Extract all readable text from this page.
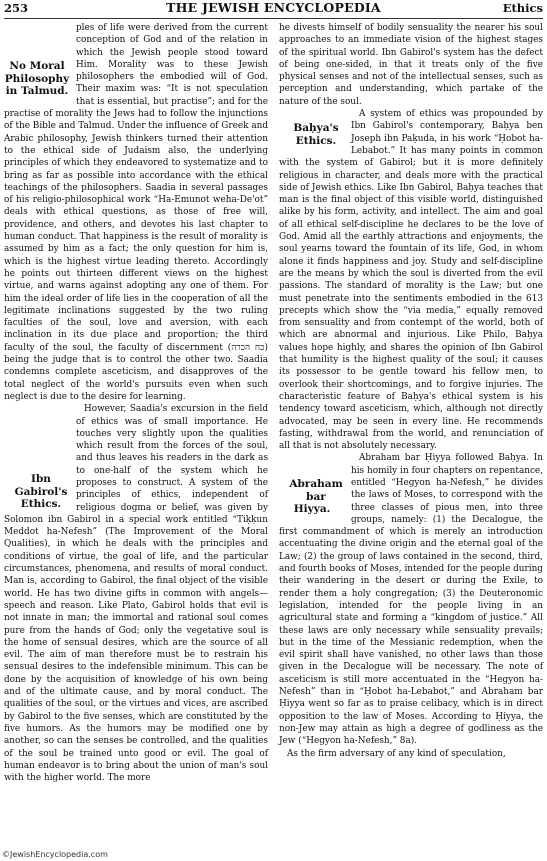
253	THE JEWISH ENCYCLOPEDIA	Ethics

No Moral
Philosophy
in Talmud.
ples of life were derived from the current conception of God and of the relation in which the Jewish people stood toward Him. Morality was to these Jewish philosophers the embodied will of God. Their maxim was: “It is not speculation that is essential, but practise”; and for the practise of morality the Jews had to follow the injunctions of the Bible and Talmud. Under the influence of Greek and Arabic philosophy, Jewish thinkers turned their attention to the ethical side of Judaism also, the underlying principles of which they endeavored to systematize and to bring as far as possible into accordance with the ethical teachings of the philosophers. Saadia in several passages of his religio-philosophical work “Ha-Emunot weha-De'ot” deals with ethical questions, as those of free will, providence, and others, and devotes his last chapter to human conduct. That happiness is the result of morality is assumed by him as a fact; the only question for him is, which is the highest virtue leading thereto. Accordingly he points out thirteen different views on the highest virtue, and warns against adopting any one of them. For him the ideal order of life lies in the cooperation of all the legitimate inclinations suggested by the two ruling faculties of the soul, love and aversion, with each inclination in its due place and proportion; the third faculty of the soul, the faculty of discernment (כח הכרה) being the judge that is to control the other two. Saadia condemns complete asceticism, and disapproves of the total neglect of the world's pursuits even when such neglect is due to the desire for learning.

Ibn
Gabirol's
Ethics.
However, Saadia's excursion in the field of ethics was of small importance. He touches very slightly upon the qualities which result from the forces of the soul, and thus leaves his readers in the dark as to one-half of the system which he proposes to construct. A system of the principles of ethics, independent of religious dogma or belief, was given by Solomon ibn Gabirol in a special work entitled “Tiḳḳun Meddot ha-Nefesh” (The Improvement of the Moral Qualities), in which he deals with the principles and conditions of virtue, the goal of life, and the particular circumstances, phenomena, and results of moral conduct. Man is, according to Gabirol, the final object of the visible world. He has two divine gifts in common with angels—speech and reason. Like Plato, Gabirol holds that evil is not innate in man; the immortal and rational soul comes pure from the hands of God; only the vegetative soul is the home of sensual desires, which are the source of all evil. The aim of man therefore must be to restrain his sensual desires to the indefensible minimum. This can be done by the acquisition of knowledge of his own being and of the ultimate cause, and by moral conduct. The qualities of the soul, or the virtues and vices, are ascribed by Gabirol to the five senses, which are constituted by the five humors. As the humors may be modified one by another, so can the senses be controlled, and the qualities of the soul be trained unto good or evil. The goal of human endeavor is to bring about the union of man's soul with the higher world. The more

he divests himself of bodily sensuality the nearer his soul approaches to an immediate vision of the highest stages of the spiritual world. Ibn Gabirol's system has the defect of being one-sided, in that it treats only of the five physical senses and not of the intellectual senses, such as perception and understanding, which partake of the nature of the soul.

Baḥya's
Ethics.
A system of ethics was propounded by Ibn Gabirol's contemporary, Baḥya ben Joseph ibn Paḳuda, in his work “Ḥobot ha-Lebabot.” It has many points in common with the system of Gabirol; but it is more definitely religious in character, and deals more with the practical side of Jewish ethics. Like Ibn Gabirol, Baḥya teaches that man is the final object of this visible world, distinguished alike by his form, activity, and intellect. The aim and goal of all ethical self-discipline he declares to be the love of God. Amid all the earthly attractions and enjoyments, the soul yearns toward the fountain of its life, God, in whom alone it finds happiness and joy. Study and self-discipline are the means by which the soul is diverted from the evil passions. The standard of morality is the Law; but one must penetrate into the sentiments embodied in the 613 precepts which show the “via media,” equally removed from sensuality and from contempt of the world, both of which are abnormal and injurious. Like Philo, Baḥya values hope highly, and shares the opinion of Ibn Gabirol that humility is the highest quality of the soul; it causes its possessor to be gentle toward his fellow men, to overlook their shortcomings, and to forgive injuries. The characteristic feature of Baḥya's ethical system is his tendency toward asceticism, which, although not directly advocated, may be seen in every line. He recommends fasting, withdrawal from the world, and renunciation of all that is not absolutely necessary.

Abraham
bar Hiyya.
Abraham bar Ḥiyya followed Baḥya. In his homily in four chapters on repentance, entitled “Hegyon ha-Nefesh,” he divides the laws of Moses, to correspond with the three classes of pious men, into three groups, namely: (1) the Decalogue, the first commandment of which is merely an introduction accentuating the divine origin and the eternal goal of the Law; (2) the group of laws contained in the second, third, and fourth books of Moses, intended for the people during their wandering in the desert or during the Exile, to render them a holy congregation; (3) the Deuteronomic legislation, intended for the people living in an agricultural state and forming a “kingdom of justice.” All these laws are only necessary while sensuality prevails; but in the time of the Messianic redemption, when the evil spirit shall have vanished, no other laws than those given in the Decalogue will be necessary. The note of asceticism is still more accentuated in the “Hegyon ha-Nefesh” than in “Ḥobot ha-Lebabot,” and Abraham bar Ḥiyya went so far as to praise celibacy, which is in direct opposition to the law of Moses. According to Ḥiyya, the non-Jew may attain as high a degree of godliness as the Jew (“Hegyon ha-Nefesh,” 8a).

As the firm adversary of any kind of speculation,

©JewishEncyclopedia.com
